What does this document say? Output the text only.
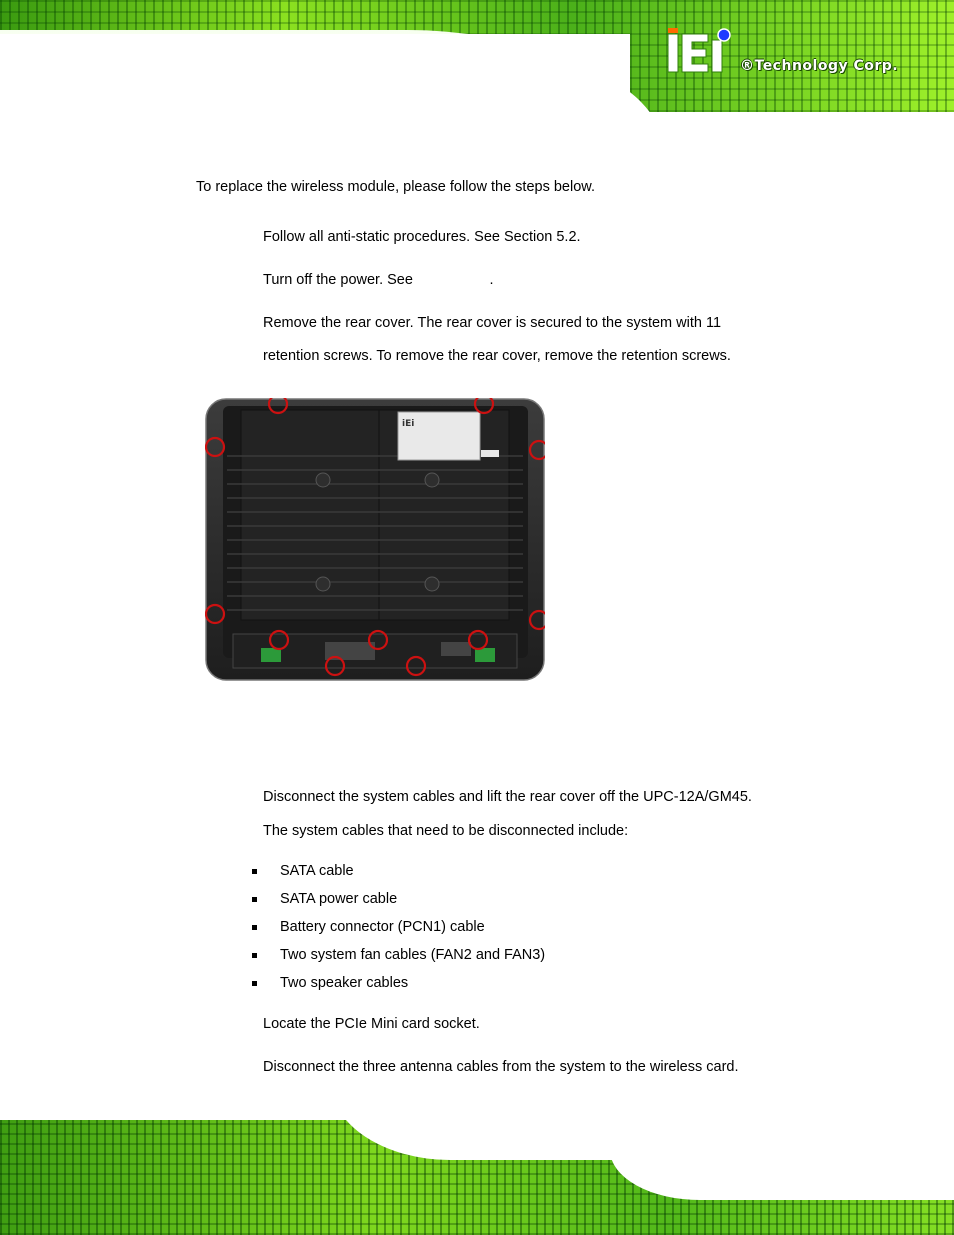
®Technology Corp.
To replace the wireless module, please follow the steps below.
Follow all anti-static procedures. See Section 5.2.
Turn off the power. See Section 5.4.
Remove the rear cover. The rear cover is secured to the system with 11
retention screws. To remove the rear cover, remove the retention screws.
iEi
Disconnect the system cables and lift the rear cover off the UPC-12A/GM45.
The system cables that need to be disconnected include:
SATA cable
SATA power cable
Battery connector (PCN1) cable
Two system fan cables (FAN2 and FAN3)
Two speaker cables
Locate the PCIe Mini card socket.
Disconnect the three antenna cables from the system to the wireless card.
